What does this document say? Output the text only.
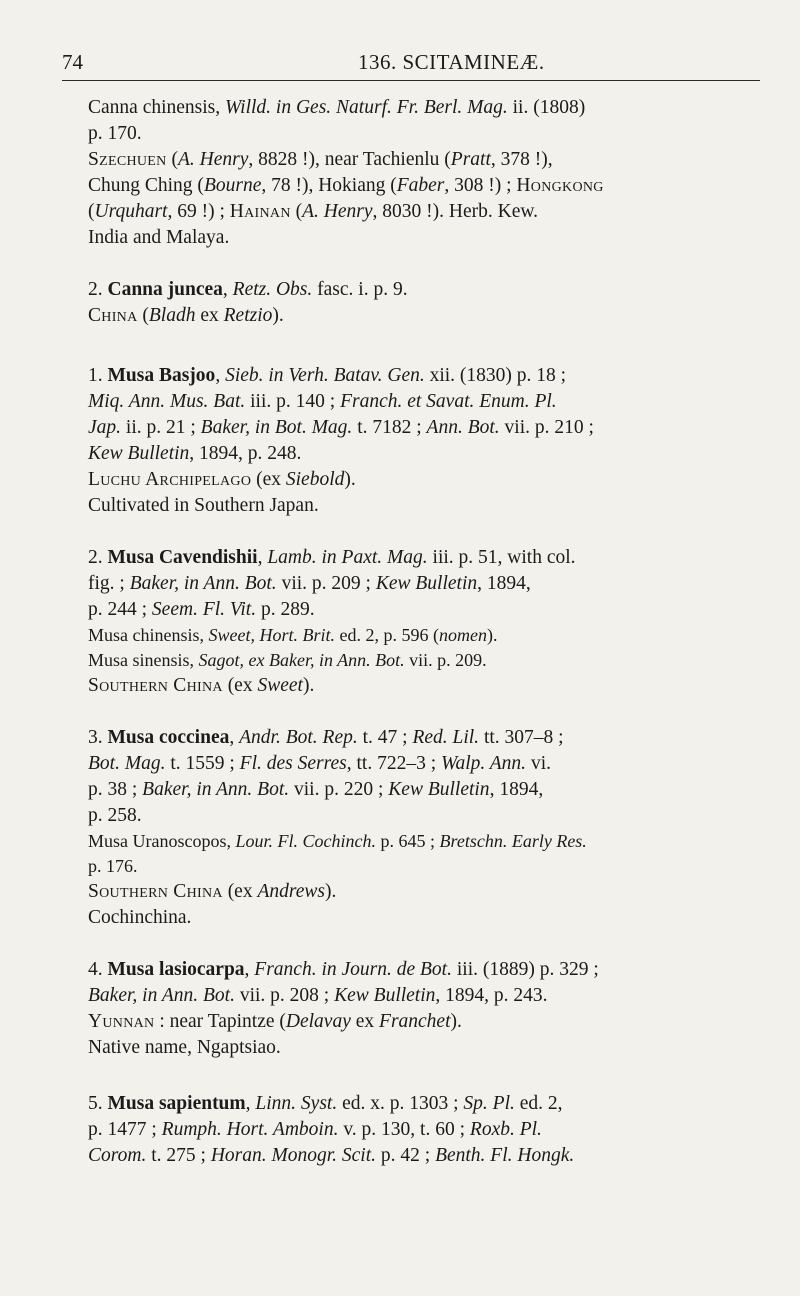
74	136. SCITAMINEÆ.

Canna chinensis, Willd. in Ges. Naturf. Fr. Berl. Mag. ii. (1808)
p. 170.
Szechuen (A. Henry, 8828 !), near Tachienlu (Pratt, 378 !),
Chung Ching (Bourne, 78 !), Hokiang (Faber, 308 !) ; Hongkong
(Urquhart, 69 !) ; Hainan (A. Henry, 8030 !). Herb. Kew.
India and Malaya.

2. Canna juncea, Retz. Obs. fasc. i. p. 9.
China (Bladh ex Retzio).

1. Musa Basjoo, Sieb. in Verh. Batav. Gen. xii. (1830) p. 18 ;
Miq. Ann. Mus. Bat. iii. p. 140 ; Franch. et Savat. Enum. Pl.
Jap. ii. p. 21 ; Baker, in Bot. Mag. t. 7182 ; Ann. Bot. vii. p. 210 ;
Kew Bulletin, 1894, p. 248.
Luchu Archipelago (ex Siebold).
Cultivated in Southern Japan.

2. Musa Cavendishii, Lamb. in Paxt. Mag. iii. p. 51, with col.
fig. ; Baker, in Ann. Bot. vii. p. 209 ; Kew Bulletin, 1894,
p. 244 ; Seem. Fl. Vit. p. 289.

Musa chinensis, Sweet, Hort. Brit. ed. 2, p. 596 (nomen).
Musa sinensis, Sagot, ex Baker, in Ann. Bot. vii. p. 209.

Southern China (ex Sweet).

3. Musa coccinea, Andr. Bot. Rep. t. 47 ; Red. Lil. tt. 307–8 ;
Bot. Mag. t. 1559 ; Fl. des Serres, tt. 722–3 ; Walp. Ann. vi.
p. 38 ; Baker, in Ann. Bot. vii. p. 220 ; Kew Bulletin, 1894,
p. 258.

Musa Uranoscopos, Lour. Fl. Cochinch. p. 645 ; Bretschn. Early Res.
p. 176.

Southern China (ex Andrews).
Cochinchina.

4. Musa lasiocarpa, Franch. in Journ. de Bot. iii. (1889) p. 329 ;
Baker, in Ann. Bot. vii. p. 208 ; Kew Bulletin, 1894, p. 243.
Yunnan : near Tapintze (Delavay ex Franchet).
Native name, Ngaptsiao.

5. Musa sapientum, Linn. Syst. ed. x. p. 1303 ; Sp. Pl. ed. 2,
p. 1477 ; Rumph. Hort. Amboin. v. p. 130, t. 60 ; Roxb. Pl.
Corom. t. 275 ; Horan. Monogr. Scit. p. 42 ; Benth. Fl. Hongk.
